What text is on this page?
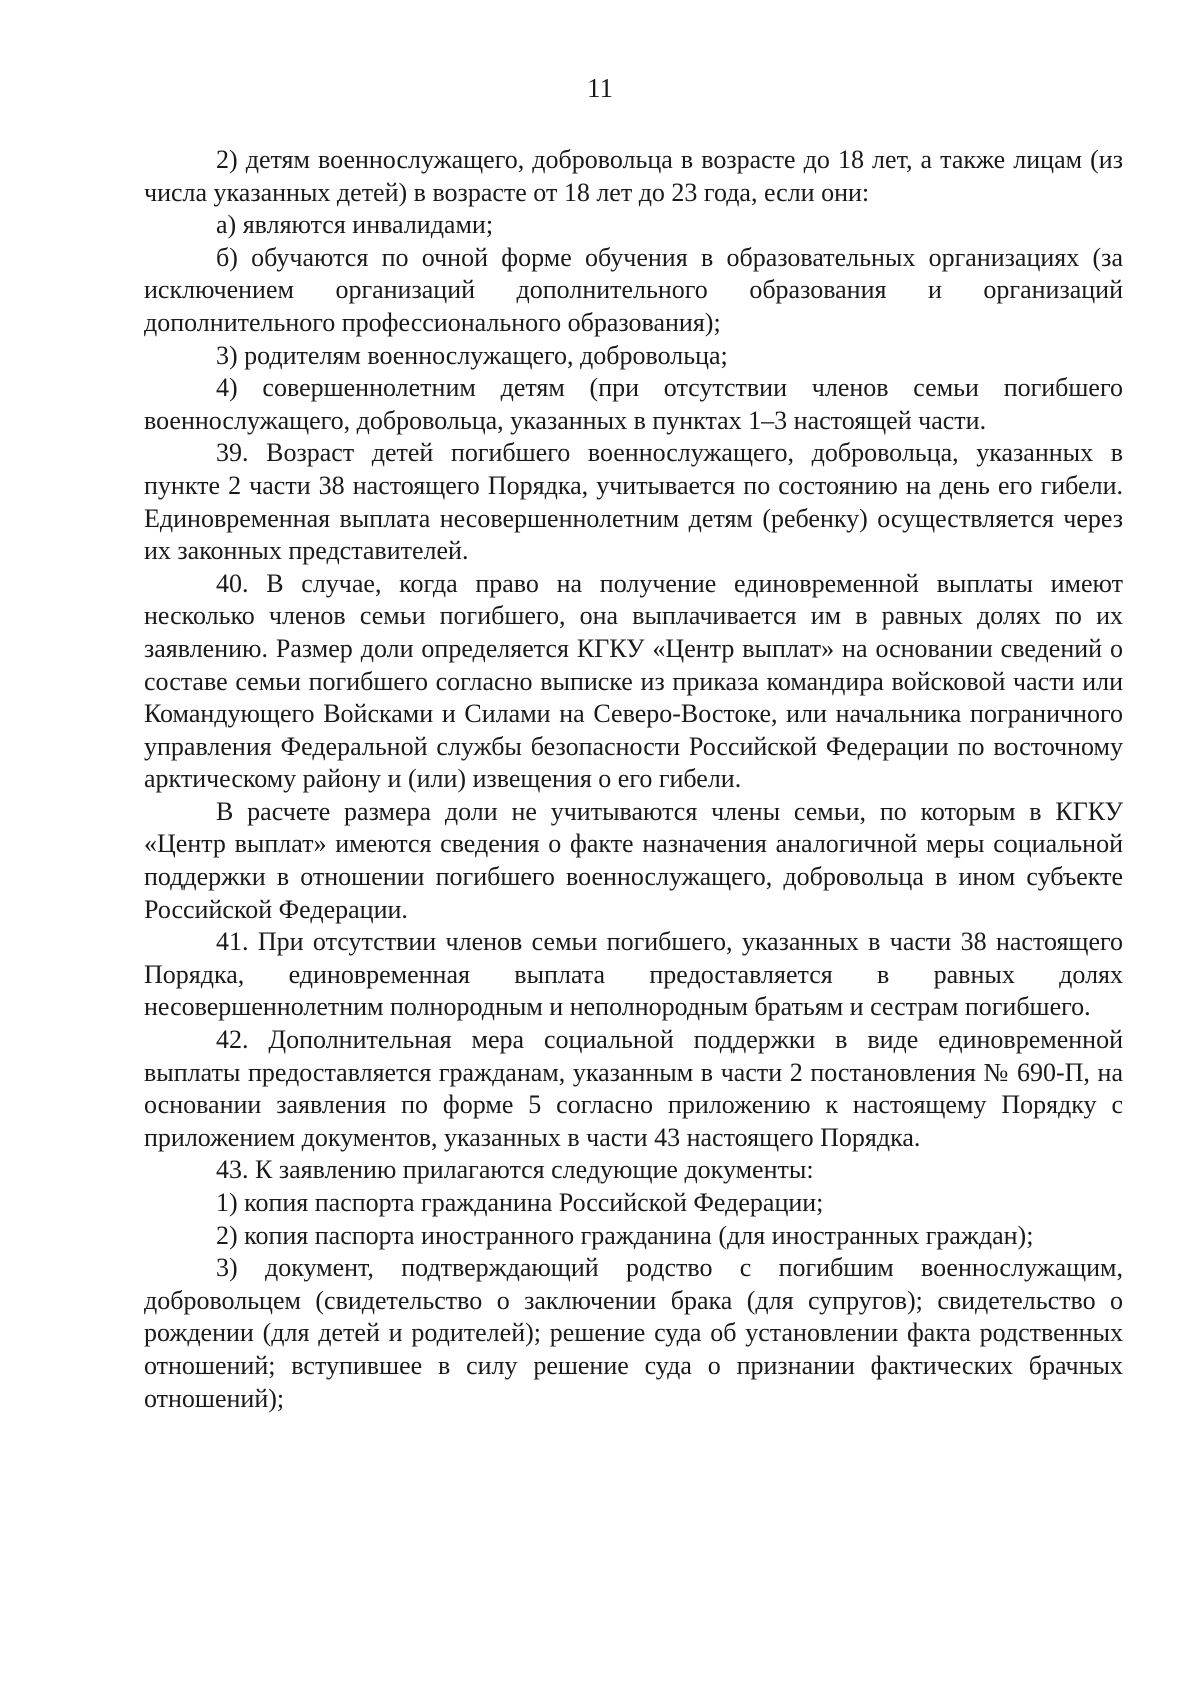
11

2) детям военнослужащего, добровольца в возрасте до 18 лет, а также лицам (из числа указанных детей) в возрасте от 18 лет до 23 года, если они:

а) являются инвалидами;

б) обучаются по очной форме обучения в образовательных организациях (за исключением организаций дополнительного образования и организаций дополнительного профессионального образования);

3) родителям военнослужащего, добровольца;

4) совершеннолетним детям (при отсутствии членов семьи погибшего военнослужащего, добровольца, указанных в пунктах 1–3 настоящей части.

39. Возраст детей погибшего военнослужащего, добровольца, указанных в пункте 2 части 38 настоящего Порядка, учитывается по состоянию на день его гибели. Единовременная выплата несовершеннолетним детям (ребенку) осуществляется через их законных представителей.

40. В случае, когда право на получение единовременной выплаты имеют несколько членов семьи погибшего, она выплачивается им в равных долях по их заявлению. Размер доли определяется КГКУ «Центр выплат» на основании сведений о составе семьи погибшего согласно выписке из приказа командира войсковой части или Командующего Войсками и Силами на Северо-Востоке, или начальника пограничного управления Федеральной службы безопасности Российской Федерации по восточному арктическому району и (или) извещения о его гибели.

В расчете размера доли не учитываются члены семьи, по которым в КГКУ «Центр выплат» имеются сведения о факте назначения аналогичной меры социальной поддержки в отношении погибшего военнослужащего, добровольца в ином субъекте Российской Федерации.

41. При отсутствии членов семьи погибшего, указанных в части 38 настоящего Порядка, единовременная выплата предоставляется в равных долях несовершеннолетним полнородным и неполнородным братьям и сестрам погибшего.

42. Дополнительная мера социальной поддержки в виде единовременной выплаты предоставляется гражданам, указанным в части 2 постановления № 690-П, на основании заявления по форме 5 согласно приложению к настоящему Порядку с приложением документов, указанных в части 43 настоящего Порядка.

43. К заявлению прилагаются следующие документы:

1) копия паспорта гражданина Российской Федерации;

2) копия паспорта иностранного гражданина (для иностранных граждан);

3) документ, подтверждающий родство с погибшим военнослужащим, добровольцем (свидетельство о заключении брака (для супругов); свидетельство о рождении (для детей и родителей); решение суда об установлении факта родственных отношений; вступившее в силу решение суда о признании фактических брачных отношений);
